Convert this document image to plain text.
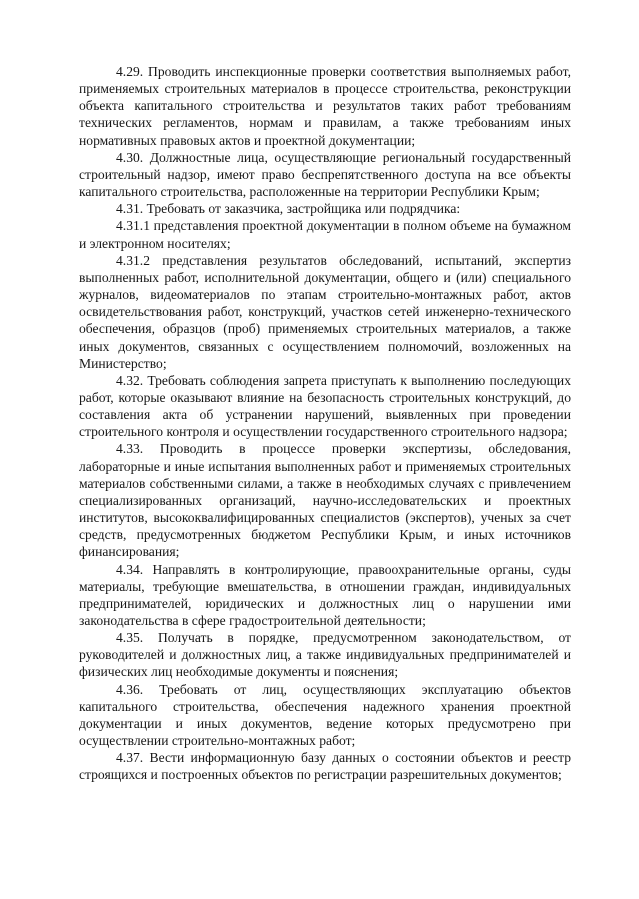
4.29. Проводить инспекционные проверки соответствия выполняемых работ, применяемых строительных материалов в процессе строительства, реконструкции объекта капитального строительства и результатов таких работ требованиям технических регламентов, нормам и правилам, а также требованиям иных нормативных правовых актов и проектной документации;

4.30. Должностные лица, осуществляющие региональный государственный строительный надзор, имеют право беспрепятственного доступа на все объекты капитального строительства, расположенные на территории Республики Крым;

4.31. Требовать от заказчика, застройщика или подрядчика:

4.31.1 представления проектной документации в полном объеме на бумажном и электронном носителях;

4.31.2 представления результатов обследований, испытаний, экспертиз выполненных работ, исполнительной документации, общего и (или) специального журналов, видеоматериалов по этапам строительно-монтажных работ, актов освидетельствования работ, конструкций, участков сетей инженерно-технического обеспечения, образцов (проб) применяемых строительных материалов, а также иных документов, связанных с осуществлением полномочий, возложенных на Министерство;

4.32. Требовать соблюдения запрета приступать к выполнению последующих работ, которые оказывают влияние на безопасность строительных конструкций, до составления акта об устранении нарушений, выявленных при проведении строительного контроля и осуществлении государственного строительного надзора;

4.33. Проводить в процессе проверки экспертизы, обследования, лабораторные и иные испытания выполненных работ и применяемых строительных материалов собственными силами, а также в необходимых случаях с привлечением специализированных организаций, научно-исследовательских и проектных институтов, высококвалифицированных специалистов (экспертов), ученых за счет средств, предусмотренных бюджетом Республики Крым, и иных источников финансирования;

4.34. Направлять в контролирующие, правоохранительные органы, суды материалы, требующие вмешательства, в отношении граждан, индивидуальных предпринимателей, юридических и должностных лиц о нарушении ими законодательства в сфере градостроительной деятельности;

4.35. Получать в порядке, предусмотренном законодательством, от руководителей и должностных лиц, а также индивидуальных предпринимателей и физических лиц необходимые документы и пояснения;

4.36. Требовать от лиц, осуществляющих эксплуатацию объектов капитального строительства, обеспечения надежного хранения проектной документации и иных документов, ведение которых предусмотрено при осуществлении строительно-монтажных работ;

4.37. Вести информационную базу данных о состоянии объектов и реестр строящихся и построенных объектов по регистрации разрешительных документов;
